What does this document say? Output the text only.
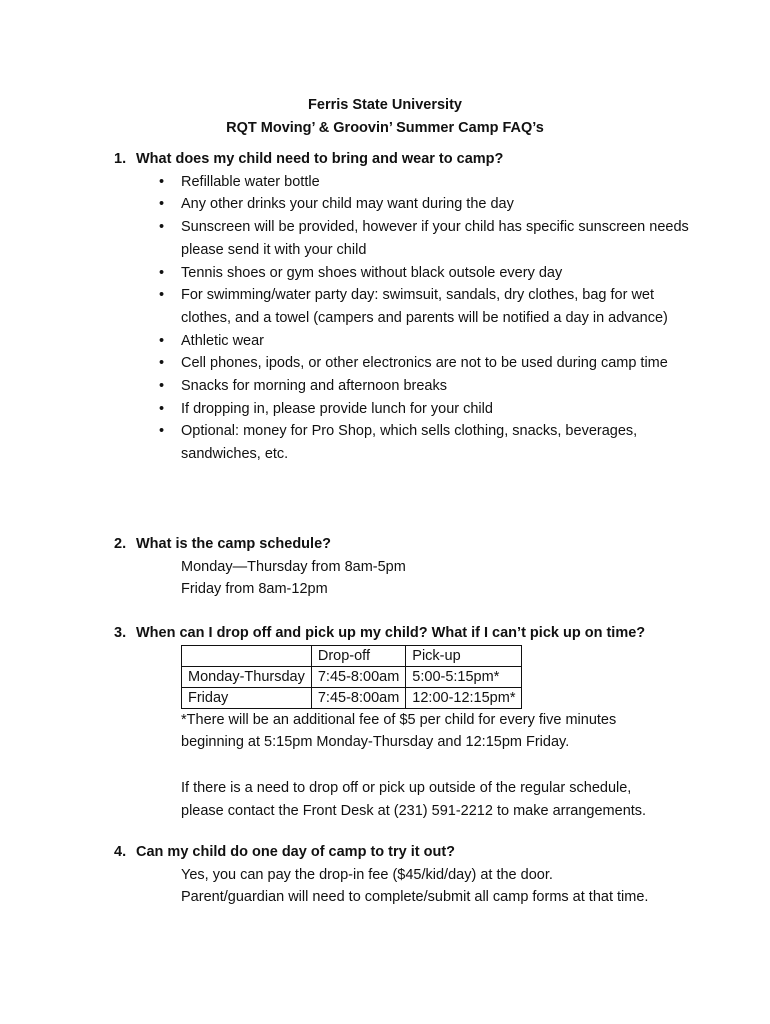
Ferris State University
RQT Moving’ & Groovin’ Summer Camp FAQ’s
1. What does my child need to bring and wear to camp?
• Refillable water bottle
• Any other drinks your child may want during the day
• Sunscreen will be provided, however if your child has specific sunscreen needs please send it with your child
• Tennis shoes or gym shoes without black outsole every day
• For swimming/water party day: swimsuit, sandals, dry clothes, bag for wet clothes, and a towel (campers and parents will be notified a day in advance)
• Athletic wear
• Cell phones, ipods, or other electronics are not to be used during camp time
• Snacks for morning and afternoon breaks
• If dropping in, please provide lunch for your child
• Optional: money for Pro Shop, which sells clothing, snacks, beverages, sandwiches, etc.
2. What is the camp schedule?
Monday—Thursday from 8am-5pm
Friday from 8am-12pm
3. When can I drop off and pick up my child? What if I can’t pick up on time?
	Drop-off	Pick-up
Monday-Thursday	7:45-8:00am	5:00-5:15pm*
Friday	7:45-8:00am	12:00-12:15pm*
*There will be an additional fee of $5 per child for every five minutes
beginning at 5:15pm Monday-Thursday and 12:15pm Friday.
If there is a need to drop off or pick up outside of the regular schedule,
please contact the Front Desk at (231) 591-2212 to make arrangements.
4. Can my child do one day of camp to try it out?
Yes, you can pay the drop-in fee ($45/kid/day) at the door.
Parent/guardian will need to complete/submit all camp forms at that time.
